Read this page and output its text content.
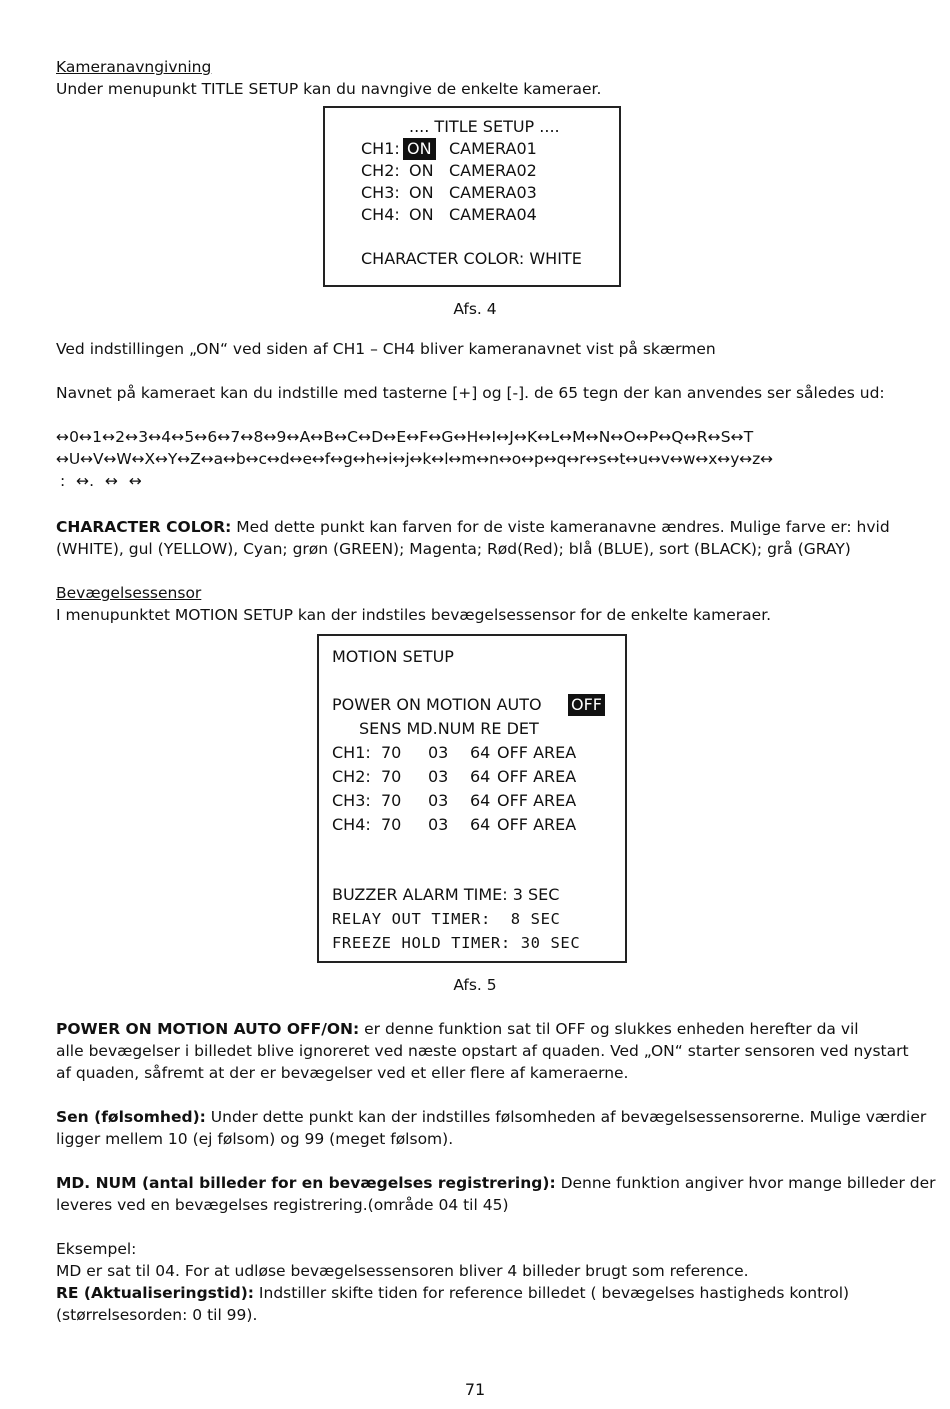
Kameranavngivning
Under menupunkt TITLE SETUP kan du navngive de enkelte kameraer.
.... TITLE SETUP ....
CH1: ON CAMERA01
CH2: ON CAMERA02
CH3: ON CAMERA03
CH4: ON CAMERA04
CHARACTER COLOR: WHITE
Afs. 4
Ved indstillingen „ON“ ved siden af CH1 – CH4 bliver kameranavnet vist på skærmen
Navnet på kameraet kan du indstille med tasterne [+] og [-]. de 65 tegn der kan anvendes ser således ud:
↔0↔1↔2↔3↔4↔5↔6↔7↔8↔9↔A↔B↔C↔D↔E↔F↔G↔H↔I↔J↔K↔L↔M↔N↔O↔P↔Q↔R↔S↔T
↔U↔V↔W↔X↔Y↔Z↔a↔b↔c↔d↔e↔f↔g↔h↔i↔j↔k↔l↔m↔n↔o↔p↔q↔r↔s↔t↔u↔v↔w↔x↔y↔z↔
: ↔. ↔ ↔
CHARACTER COLOR: Med dette punkt kan farven for de viste kameranavne ændres. Mulige farve er: hvid
(WHITE), gul (YELLOW), Cyan; grøn (GREEN); Magenta; Rød(Red); blå (BLUE), sort (BLACK); grå (GRAY)
Bevægelsessensor
I menupunktet MOTION SETUP kan der indstiles bevægelsessensor for de enkelte kameraer.
MOTION SETUP
POWER ON MOTION AUTO OFF
SENS MD.NUM RE DET
CH1: 70 03 64 OFF AREA
CH2: 70 03 64 OFF AREA
CH3: 70 03 64 OFF AREA
CH4: 70 03 64 OFF AREA
BUZZER ALARM TIME: 3 SEC
RELAY OUT TIMER:  8 SEC
FREEZE HOLD TIMER: 30 SEC
Afs. 5
POWER ON MOTION AUTO OFF/ON: er denne funktion sat til OFF og slukkes enheden herefter da vil
alle bevægelser i billedet blive ignoreret ved næste opstart af quaden. Ved „ON“ starter sensoren ved nystart
af quaden, såfremt at der er bevægelser ved et eller flere af kameraerne.
Sen (følsomhed): Under dette punkt kan der indstilles følsomheden af bevægelsessensorerne. Mulige værdier
ligger mellem 10 (ej følsom) og 99 (meget følsom).
MD. NUM (antal billeder for en bevægelses registrering): Denne funktion angiver hvor mange billeder der
leveres ved en bevægelses registrering.(område 04 til 45)
Eksempel:
MD er sat til 04. For at udløse bevægelsessensoren bliver 4 billeder brugt som reference.
RE (Aktualiseringstid): Indstiller skifte tiden for reference billedet ( bevægelses hastigheds kontrol)
(størrelsesorden: 0 til 99).
71
